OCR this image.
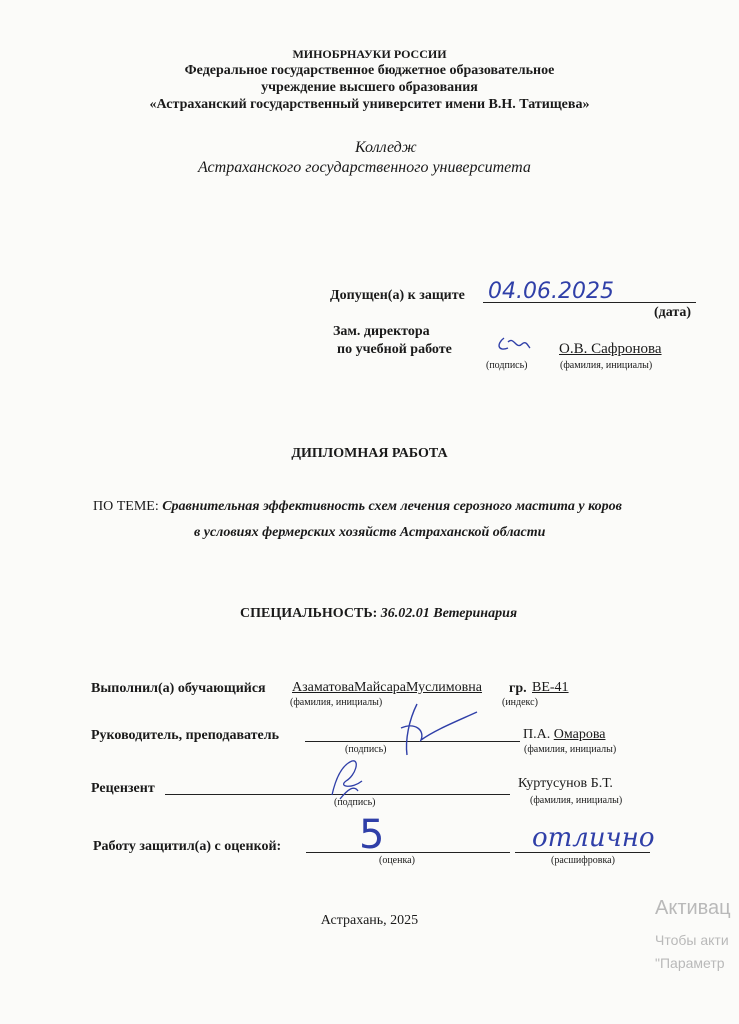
МИНОБРНАУКИ РОССИИ
Федеральное государственное бюджетное образовательное
учреждение высшего образования
«Астраханский государственный университет имени В.Н. Татищева»
Колледж
Астраханского государственного университета
Допущен(а) к защите 04.06.2025
(дата)
Зам. директора
по учебной работе
(подпись)
О.В. Сафронова
(фамилия, инициалы)
ДИПЛОМНАЯ РАБОТА
ПО ТЕМЕ: Сравнительная эффективность схем лечения серозного мастита у коров
в условиях фермерских хозяйств Астраханской области
СПЕЦИАЛЬНОСТЬ: 36.02.01 Ветеринария
Выполнил(а) обучающийся АзаматоваМайсараМуслимовна гр. ВЕ-41
(фамилия, инициалы)	(индекс)
Руководитель, преподаватель
(подпись)
П.А. Омарова
(фамилия, инициалы)
Рецензент
(подпись)
Куртусунов Б.Т.
(фамилия, инициалы)
Работу защитил(а) с оценкой: 5
(оценка)
отлично
(расшифровка)
Астрахань, 2025
Активац
Чтобы акти
"Параметр
